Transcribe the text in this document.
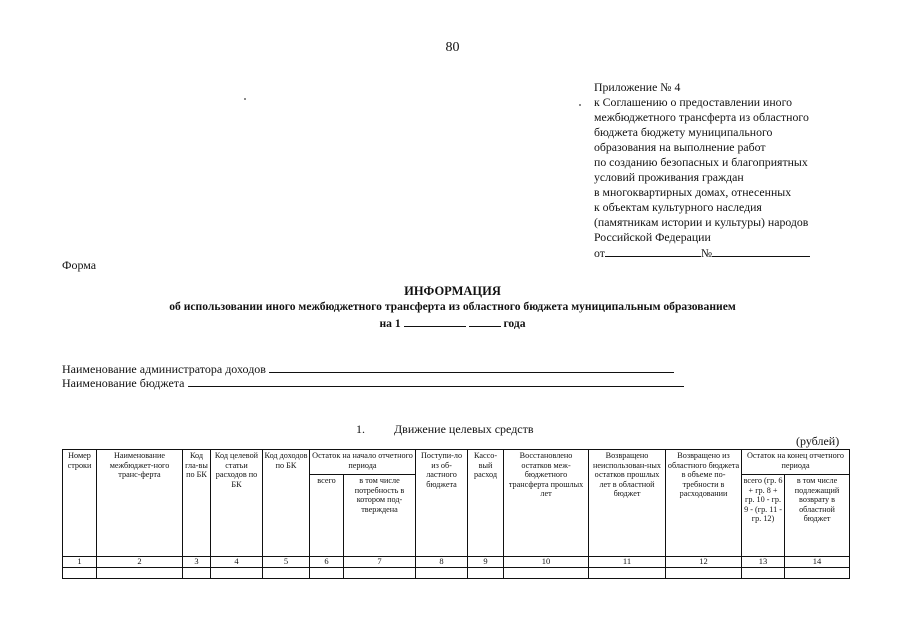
80
Приложение № 4
к Соглашению о предоставлении иного
межбюджетного трансферта из областного
бюджета бюджету муниципального
образования на выполнение работ
по созданию безопасных и благоприятных
условий проживания граждан
в многоквартирных домах, отнесенных
к объектам культурного наследия
(памятникам истории и культуры) народов
Российской Федерации
от	№
Форма
ИНФОРМАЦИЯ
об использовании иного межбюджетного трансферта из областного бюджета муниципальным образованием
на 1	года
Наименование администратора доходов
Наименование бюджета
1. Движение целевых средств
(рублей)
Номер строки	Наименование межбюджет-ного транс-ферта	Код гла-вы по БК	Код целевой статьи расходов по БК	Код доходов по БК	Остаток на начало отчетного периода		Поступи-ло из об-ластного бюджета	Кассо-вый расход	Восстановлено остатков меж-бюджетного трансферта прошлых лет	Возвращено неиспользован-ных остатков прошлых лет в областной бюджет	Возвращено из областного бюджета в объеме по-требности в расходовании	Остаток на конец отчетного периода	
					всего	в том числе потребность в котором под-тверждена						всего (гр. 6 + гр. 8 + гр. 10 - гр. 9 - (гр. 11 - гр. 12)	в том числе подлежащий возврату в областной бюджет
1	2	3	4	5	6	7	8	9	10	11	12	13	14
